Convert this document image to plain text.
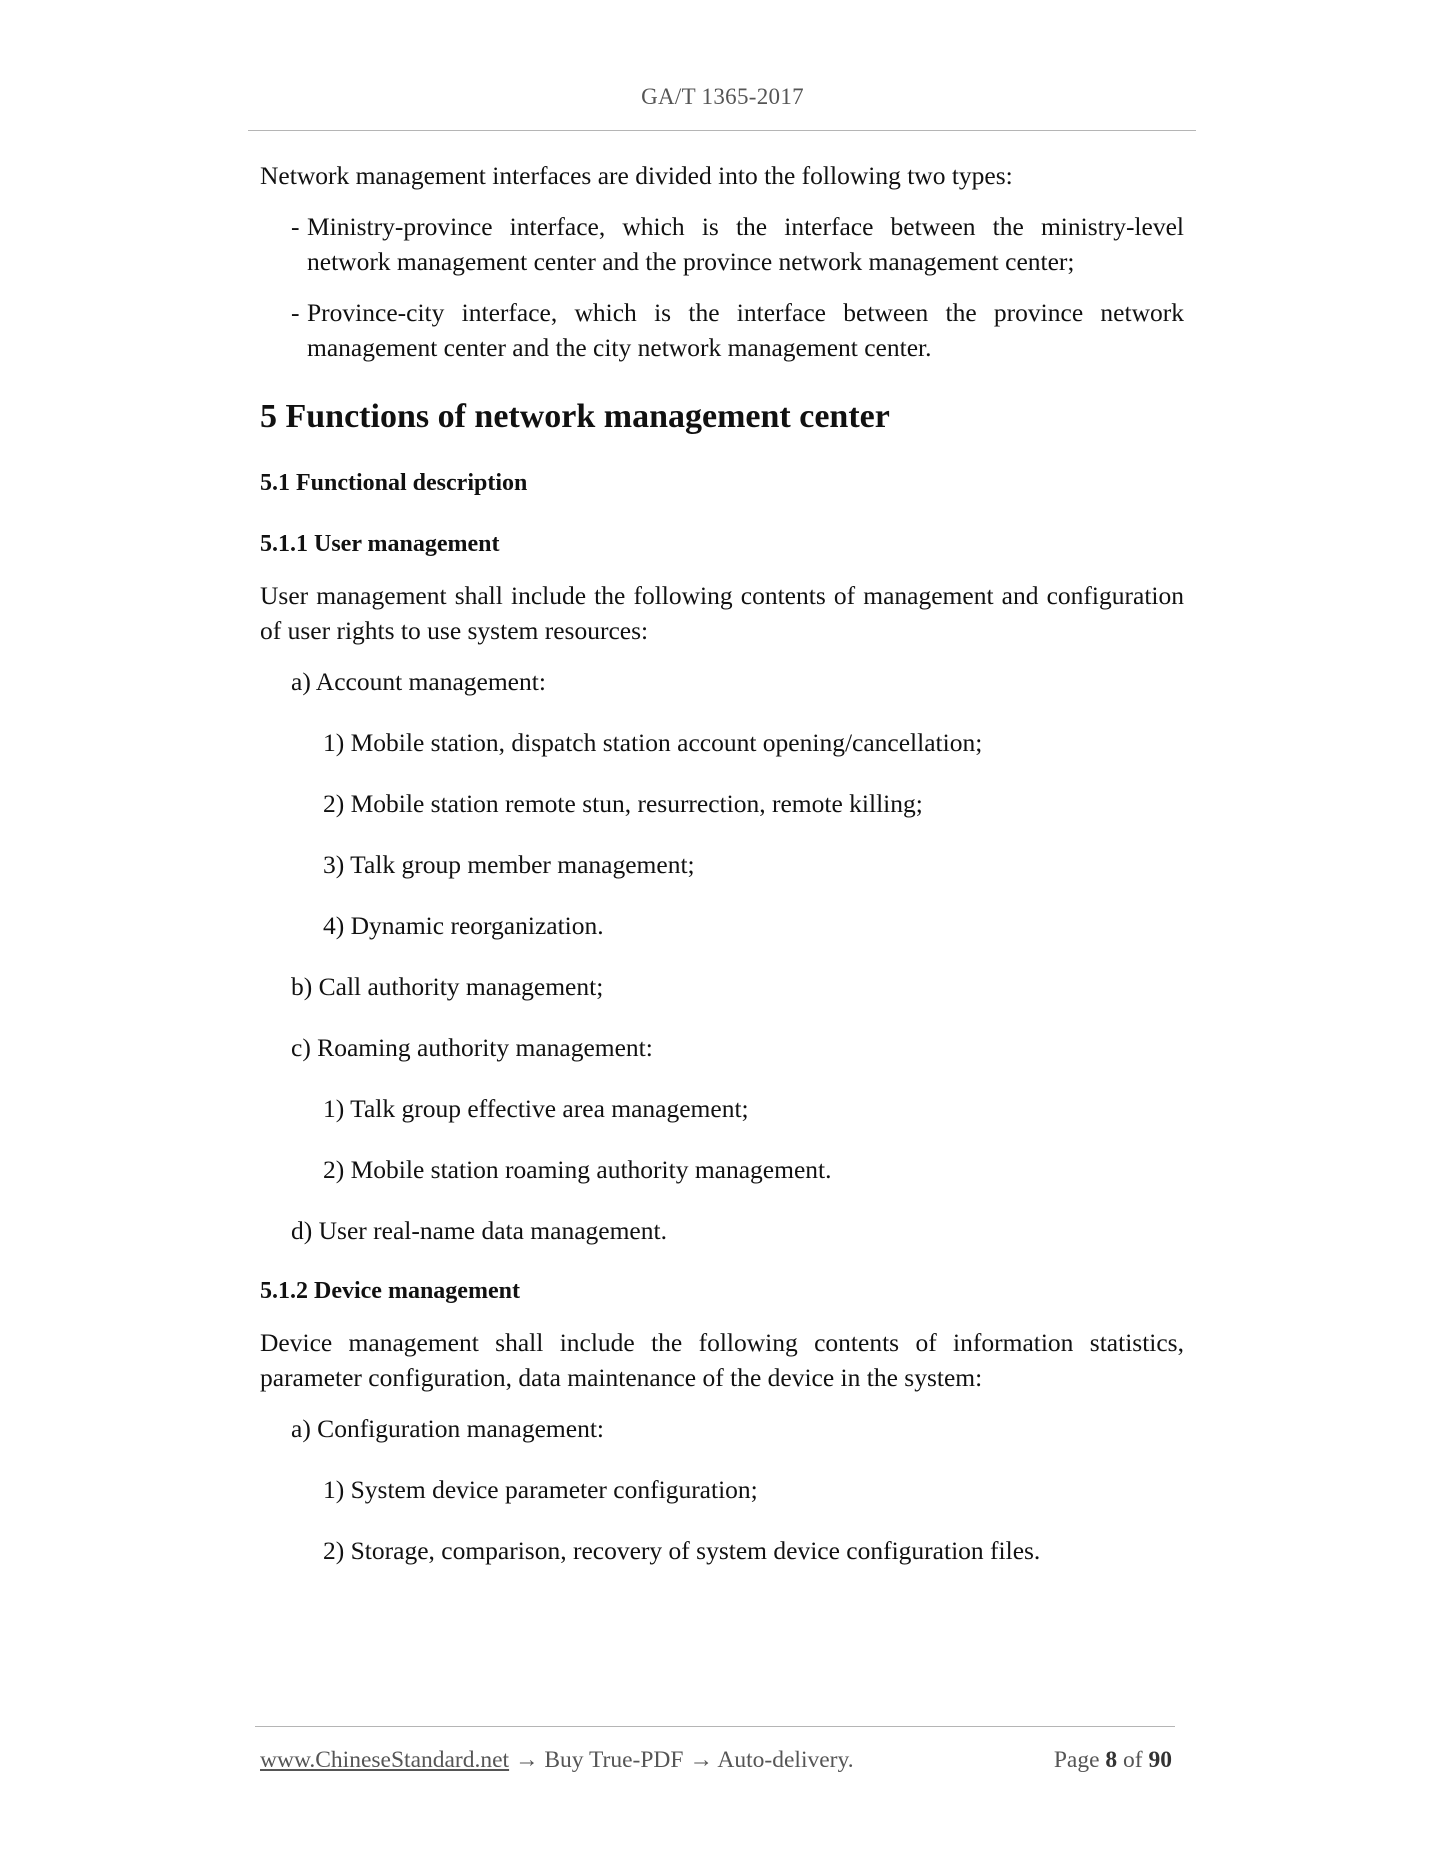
GA/T 1365-2017

Network management interfaces are divided into the following two types:

- Ministry-province interface, which is the interface between the ministry-level network management center and the province network management center;
- Province-city interface, which is the interface between the province network management center and the city network management center.
5 Functions of network management center
5.1 Functional description
5.1.1 User management

User management shall include the following contents of management and configuration of user rights to use system resources:

a) Account management:

1) Mobile station, dispatch station account opening/cancellation;

2) Mobile station remote stun, resurrection, remote killing;

3) Talk group member management;

4) Dynamic reorganization.

b) Call authority management;

c) Roaming authority management:

1) Talk group effective area management;

2) Mobile station roaming authority management.

d) User real-name data management.

5.1.2 Device management

Device management shall include the following contents of information statistics, parameter configuration, data maintenance of the device in the system:

a) Configuration management:

1) System device parameter configuration;

2) Storage, comparison, recovery of system device configuration files.

www.ChineseStandard.net → Buy True-PDF → Auto-delivery.	Page 8 of 90
